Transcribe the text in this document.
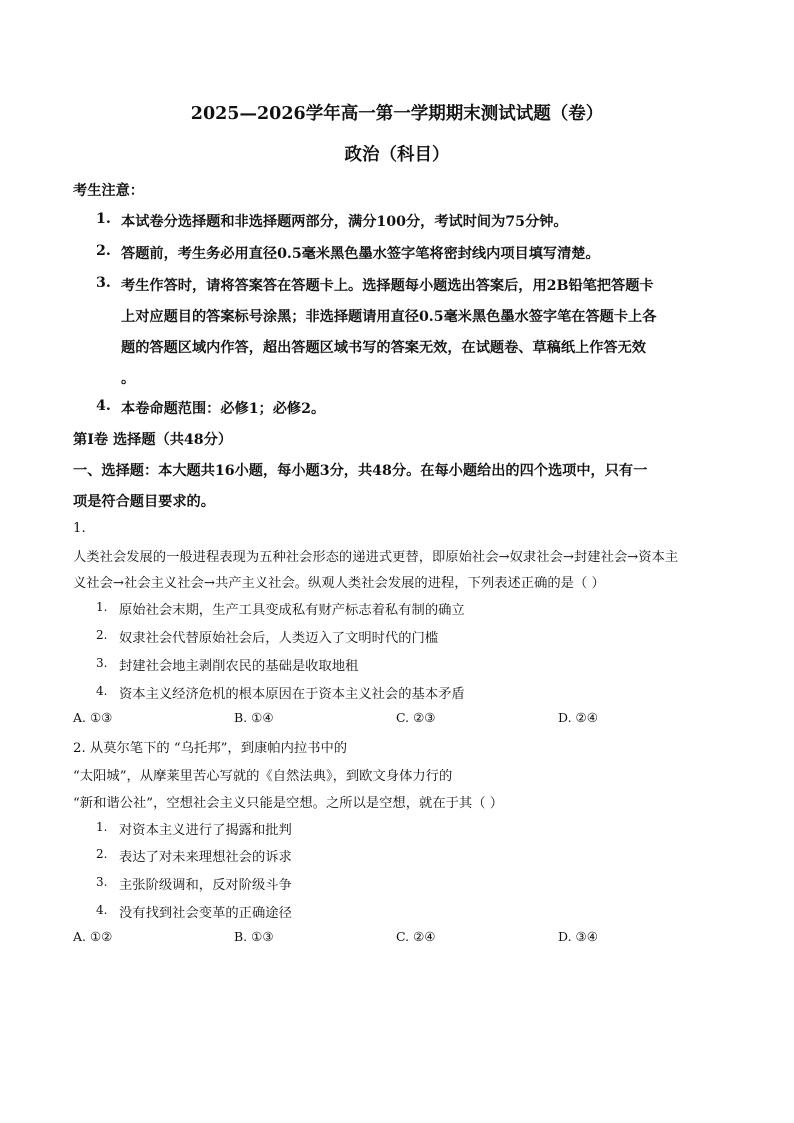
2025—2026学年高一第一学期期末测试试题（卷）
政治（科目）
考生注意：
1. 本试卷分选择题和非选择题两部分，满分100分，考试时间为75分钟。
2. 答题前，考生务必用直径0.5毫米黑色墨水签字笔将密封线内项目填写清楚。
3. 考生作答时，请将答案答在答题卡上。选择题每小题选出答案后，用2B铅笔把答题卡
上对应题目的答案标号涂黑；非选择题请用直径0.5毫米黑色墨水签字笔在答题卡上各
题的答题区域内作答，超出答题区域书写的答案无效，在试题卷、草稿纸上作答无效
。
4. 本卷命题范围：必修1；必修2。
第Ⅰ卷 选择题（共48分）
一、选择题：本大题共16小题，每小题3分，共48分。在每小题给出的四个选项中，只有一
项是符合题目要求的。
1.
人类社会发展的一般进程表现为五种社会形态的递进式更替，即原始社会→奴隶社会→封建社会→资本主
义社会→社会主义社会→共产主义社会。纵观人类社会发展的进程，下列表述正确的是（ ）
1. 原始社会末期，生产工具变成私有财产标志着私有制的确立
2. 奴隶社会代替原始社会后，人类迈入了文明时代的门槛
3. 封建社会地主剥削农民的基础是收取地租
4. 资本主义经济危机的根本原因在于资本主义社会的基本矛盾
A. ①③	B. ①④	C. ②③	D. ②④
2. 从莫尔笔下的 “乌托邦”，到康帕内拉书中的
“太阳城”，从摩莱里苦心写就的《自然法典》，到欧文身体力行的
“新和谐公社”，空想社会主义只能是空想。之所以是空想，就在于其（ ）
1. 对资本主义进行了揭露和批判
2. 表达了对未来理想社会的诉求
3. 主张阶级调和，反对阶级斗争
4. 没有找到社会变革的正确途径
A. ①②	B. ①③	C. ②④	D. ③④
